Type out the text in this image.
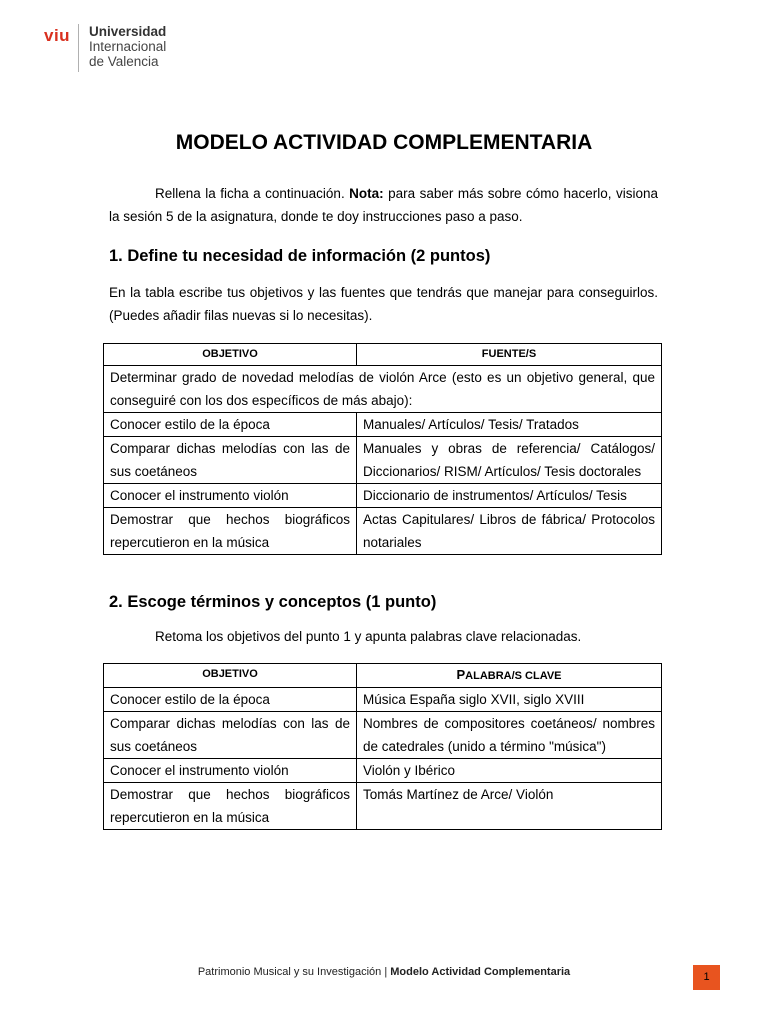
viu Universidad
Internacional
de Valencia
MODELO ACTIVIDAD COMPLEMENTARIA
Rellena la ficha a continuación. Nota: para saber más sobre cómo hacerlo, visiona la sesión 5 de la asignatura, donde te doy instrucciones paso a paso.
1. Define tu necesidad de información (2 puntos)
En la tabla escribe tus objetivos y las fuentes que tendrás que manejar para conseguirlos. (Puedes añadir filas nuevas si lo necesitas).
OBJETIVO	FUENTE/S
Determinar grado de novedad melodías de violón Arce (esto es un objetivo general, que conseguiré con los dos específicos de más abajo):	
Conocer estilo de la época	Manuales/ Artículos/ Tesis/ Tratados
Comparar dichas melodías con las de sus coetáneos	Manuales y obras de referencia/ Catálogos/ Diccionarios/ RISM/ Artículos/ Tesis doctorales
Conocer el instrumento violón	Diccionario de instrumentos/ Artículos/ Tesis
Demostrar que hechos biográficos repercutieron en la música	Actas Capitulares/ Libros de fábrica/ Protocolos notariales
2. Escoge términos y conceptos (1 punto)
Retoma los objetivos del punto 1 y apunta palabras clave relacionadas.
OBJETIVO	PALABRA/S CLAVE
Conocer estilo de la época	Música España siglo XVII, siglo XVIII
Comparar dichas melodías con las de sus coetáneos	Nombres de compositores coetáneos/ nombres de catedrales (unido a término "música")
Conocer el instrumento violón	Violón y Ibérico
Demostrar que hechos biográficos repercutieron en la música	Tomás Martínez de Arce/ Violón
Patrimonio Musical y su Investigación | Modelo Actividad Complementaria	1
